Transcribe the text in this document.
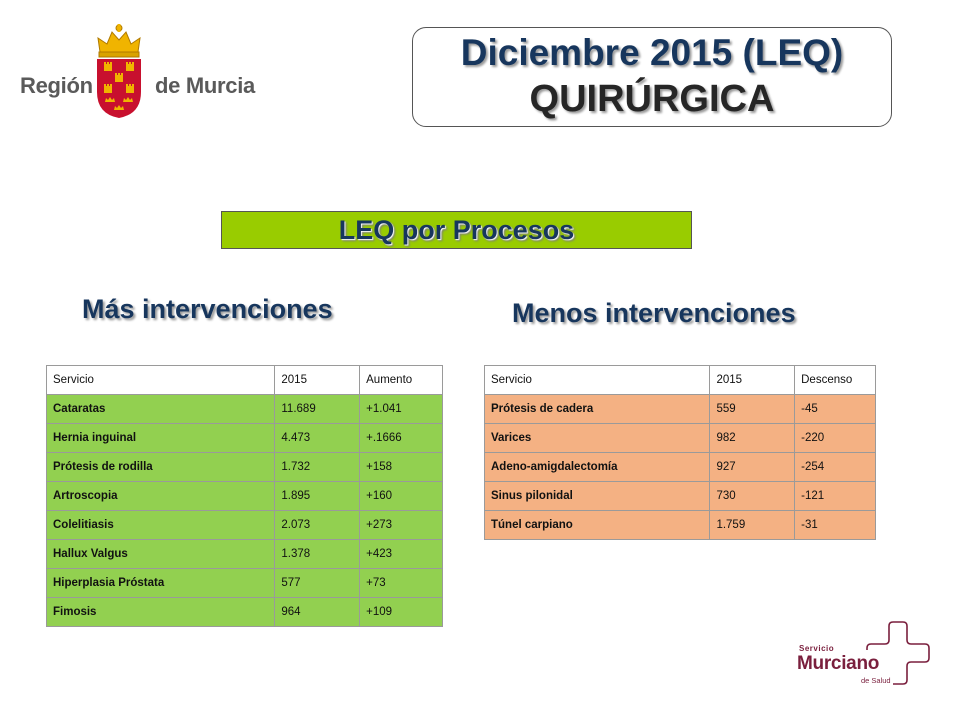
Región	de Murcia
Diciembre 2015 (LEQ)
QUIRÚRGICA
LEQ por Procesos
Más intervenciones	Menos intervenciones
Servicio	2015	Aumento
Cataratas	11.689	+1.041
Hernia inguinal	4.473	+.1666
Prótesis de rodilla	1.732	+158
Artroscopia	1.895	+160
Colelitiasis	2.073	+273
Hallux Valgus	1.378	+423
Hiperplasia Próstata	577	+73
Fimosis	964	+109
Servicio	2015	Descenso
Prótesis de cadera	559	-45
Varices	982	-220
Adeno-amigdalectomía	927	-254
Sinus pilonidal	730	-121
Túnel carpiano	1.759	-31
Servicio
Murciano
de Salud
